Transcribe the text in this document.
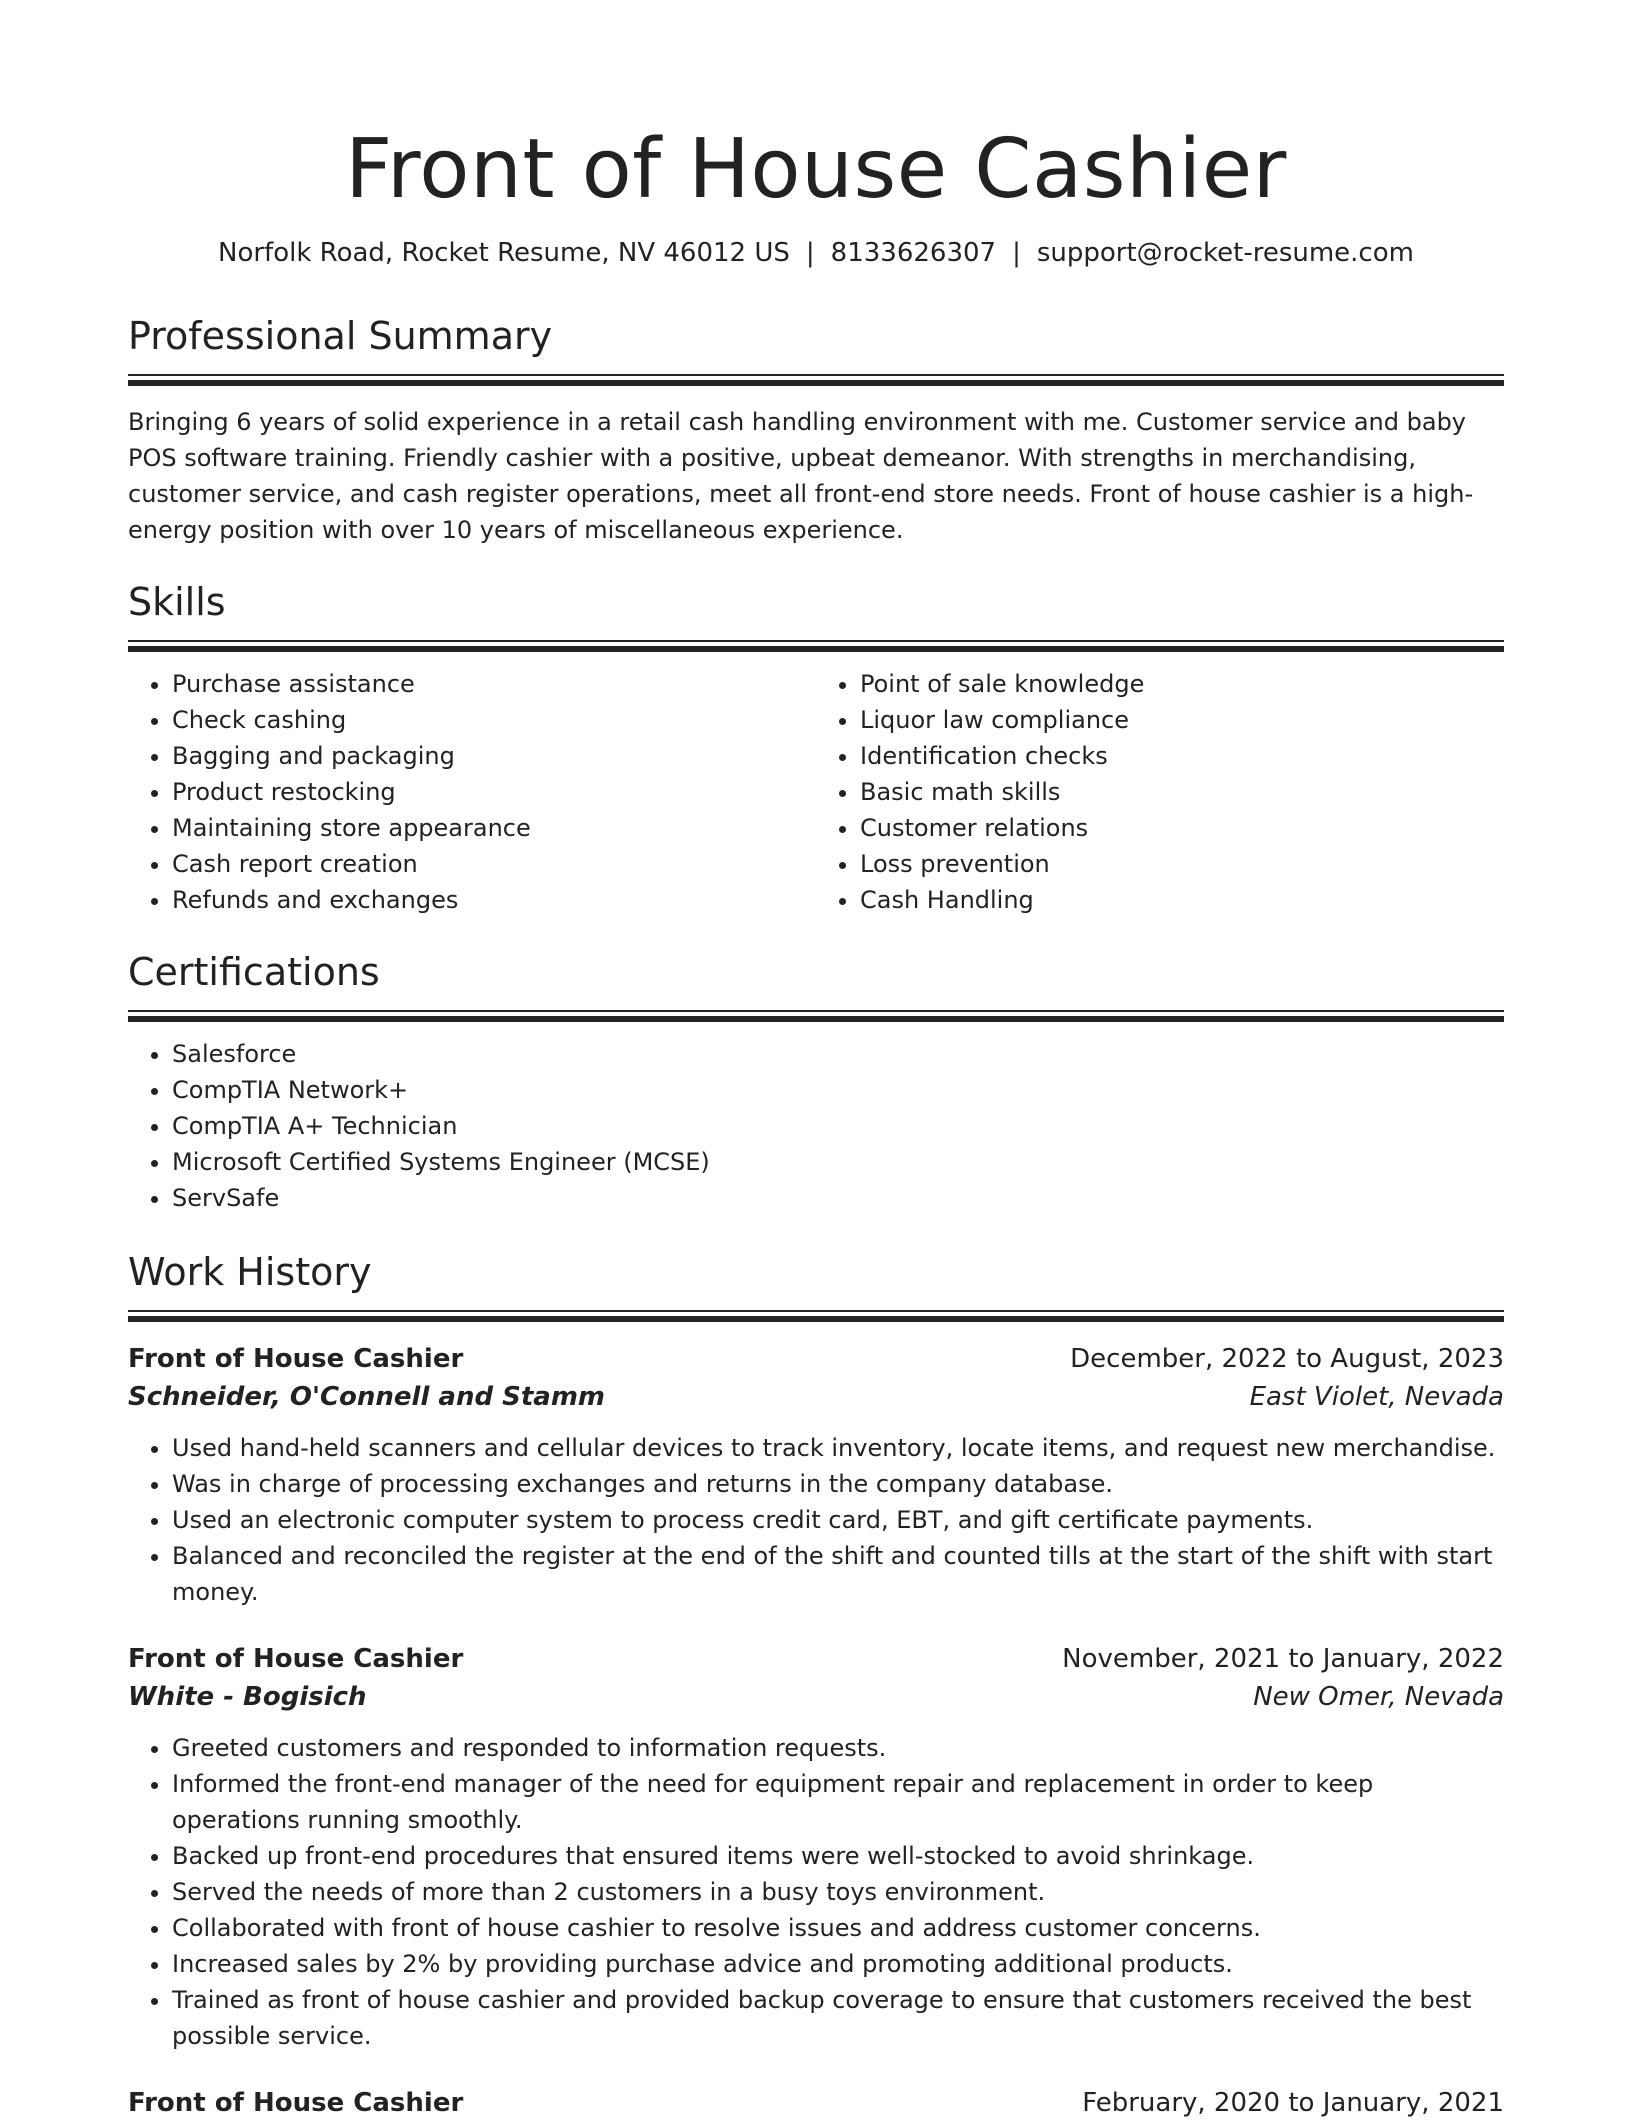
Front of House Cashier
Norfolk Road, Rocket Resume, NV 46012 US | 8133626307 | support@rocket-resume.com
Professional Summary

Bringing 6 years of solid experience in a retail cash handling environment with me. Customer service and baby POS software training. Friendly cashier with a positive, upbeat demeanor. With strengths in merchandising, customer service, and cash register operations, meet all front-end store needs. Front of house cashier is a high-energy position with over 10 years of miscellaneous experience.

Skills
• Purchase assistance
• Check cashing
• Bagging and packaging
• Product restocking
• Maintaining store appearance
• Cash report creation
• Refunds and exchanges
• Point of sale knowledge
• Liquor law compliance
• Identification checks
• Basic math skills
• Customer relations
• Loss prevention
• Cash Handling
Certifications
• Salesforce
• CompTIA Network+
• CompTIA A+ Technician
• Microsoft Certified Systems Engineer (MCSE)
• ServSafe
Work History
Front of House Cashier	December, 2022 to August, 2023
Schneider, O'Connell and Stamm	East Violet, Nevada
• Used hand-held scanners and cellular devices to track inventory, locate items, and request new merchandise.
• Was in charge of processing exchanges and returns in the company database.
• Used an electronic computer system to process credit card, EBT, and gift certificate payments.
• Balanced and reconciled the register at the end of the shift and counted tills at the start of the shift with start money.
Front of House Cashier	November, 2021 to January, 2022
White - Bogisich	New Omer, Nevada
• Greeted customers and responded to information requests.
• Informed the front-end manager of the need for equipment repair and replacement in order to keep operations running smoothly.
• Backed up front-end procedures that ensured items were well-stocked to avoid shrinkage.
• Served the needs of more than 2 customers in a busy toys environment.
• Collaborated with front of house cashier to resolve issues and address customer concerns.
• Increased sales by 2% by providing purchase advice and promoting additional products.
• Trained as front of house cashier and provided backup coverage to ensure that customers received the best possible service.
Front of House Cashier	February, 2020 to January, 2021
